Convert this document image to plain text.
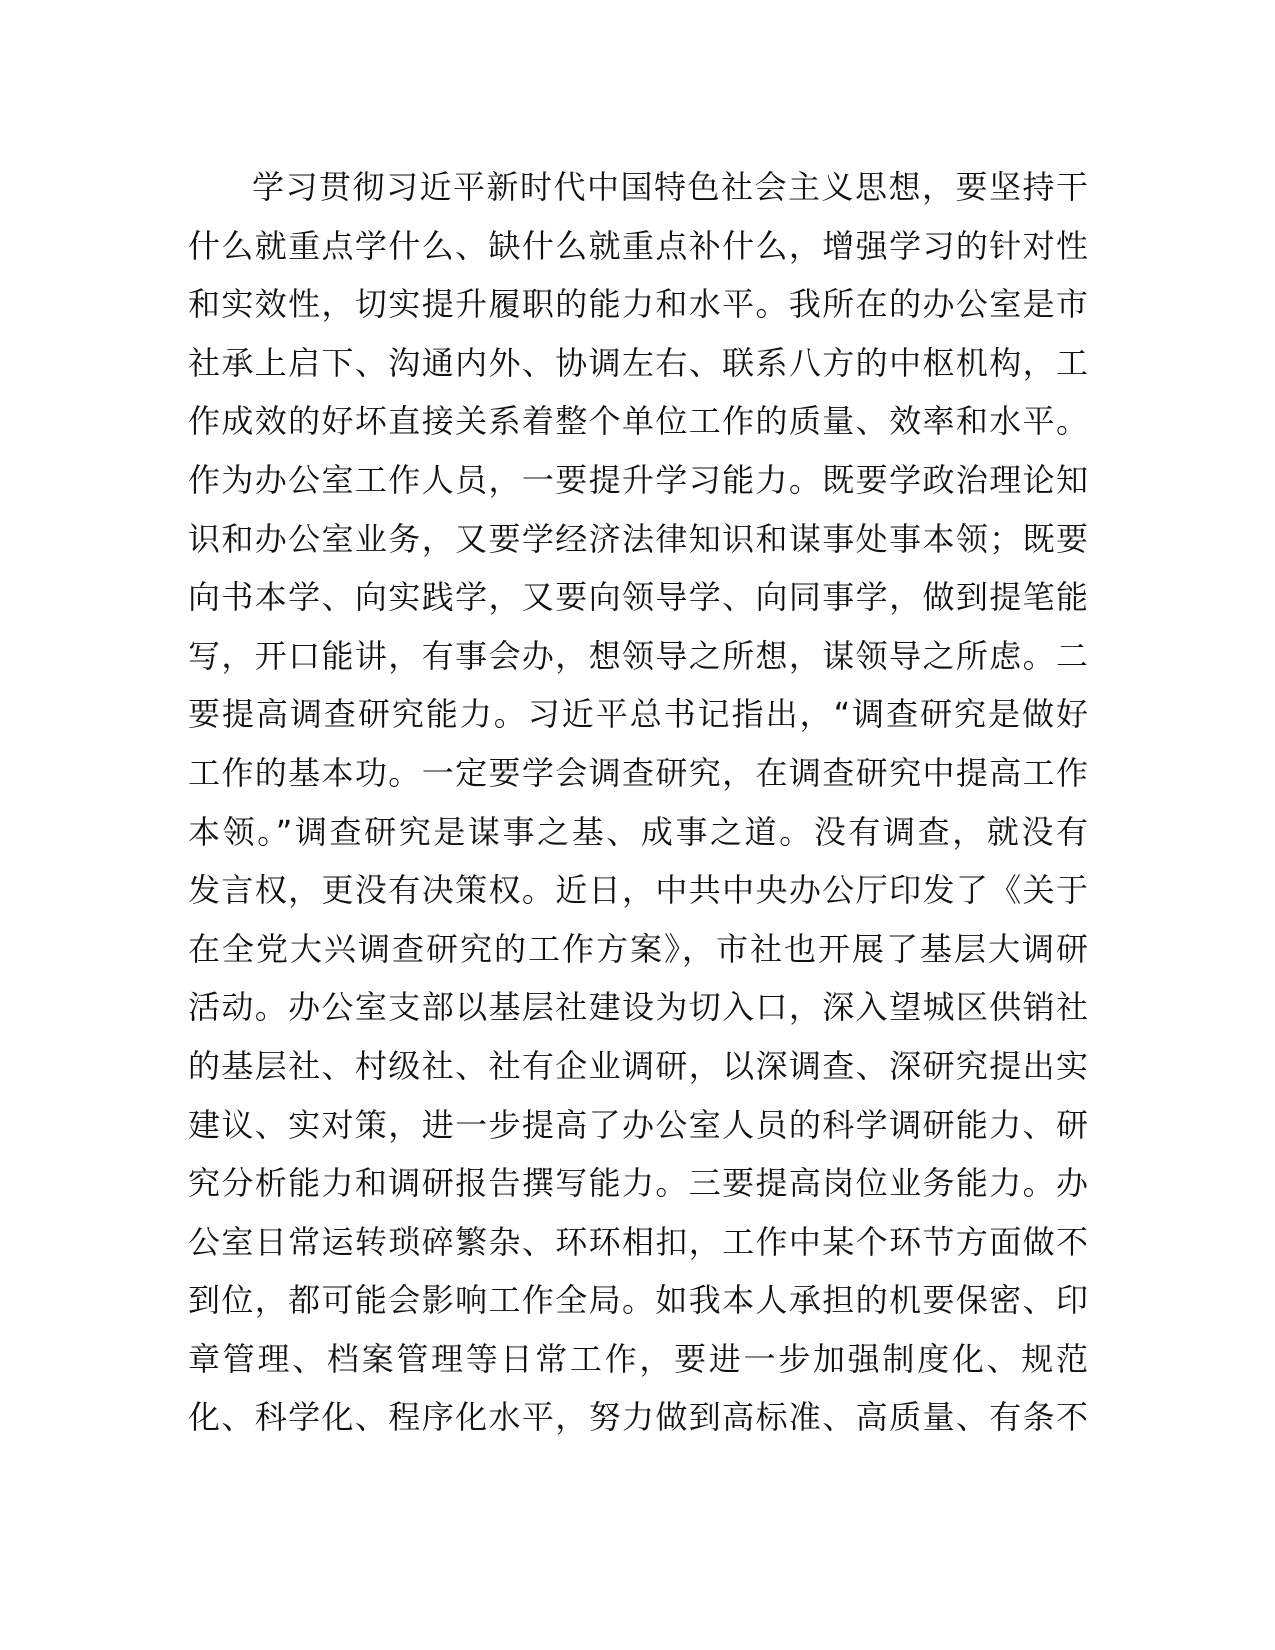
学习贯彻习近平新时代中国特色社会主义思想，要坚持干
什么就重点学什么、缺什么就重点补什么，增强学习的针对性
和实效性，切实提升履职的能力和水平。我所在的办公室是市
社承上启下、沟通内外、协调左右、联系八方的中枢机构，工
作成效的好坏直接关系着整个单位工作的质量、效率和水平。
作为办公室工作人员，一要提升学习能力。既要学政治理论知
识和办公室业务，又要学经济法律知识和谋事处事本领；既要
向书本学、向实践学，又要向领导学、向同事学，做到提笔能
写，开口能讲，有事会办，想领导之所想，谋领导之所虑。二
要提高调查研究能力。习近平总书记指出，“调查研究是做好
工作的基本功。一定要学会调查研究，在调查研究中提高工作
本领。”调查研究是谋事之基、成事之道。没有调查，就没有
发言权，更没有决策权。近日，中共中央办公厅印发了《关于
在全党大兴调查研究的工作方案》，市社也开展了基层大调研
活动。办公室支部以基层社建设为切入口，深入望城区供销社
的基层社、村级社、社有企业调研，以深调查、深研究提出实
建议、实对策，进一步提高了办公室人员的科学调研能力、研
究分析能力和调研报告撰写能力。三要提高岗位业务能力。办
公室日常运转琐碎繁杂、环环相扣，工作中某个环节方面做不
到位，都可能会影响工作全局。如我本人承担的机要保密、印
章管理、档案管理等日常工作，要进一步加强制度化、规范
化、科学化、程序化水平，努力做到高标准、高质量、有条不
